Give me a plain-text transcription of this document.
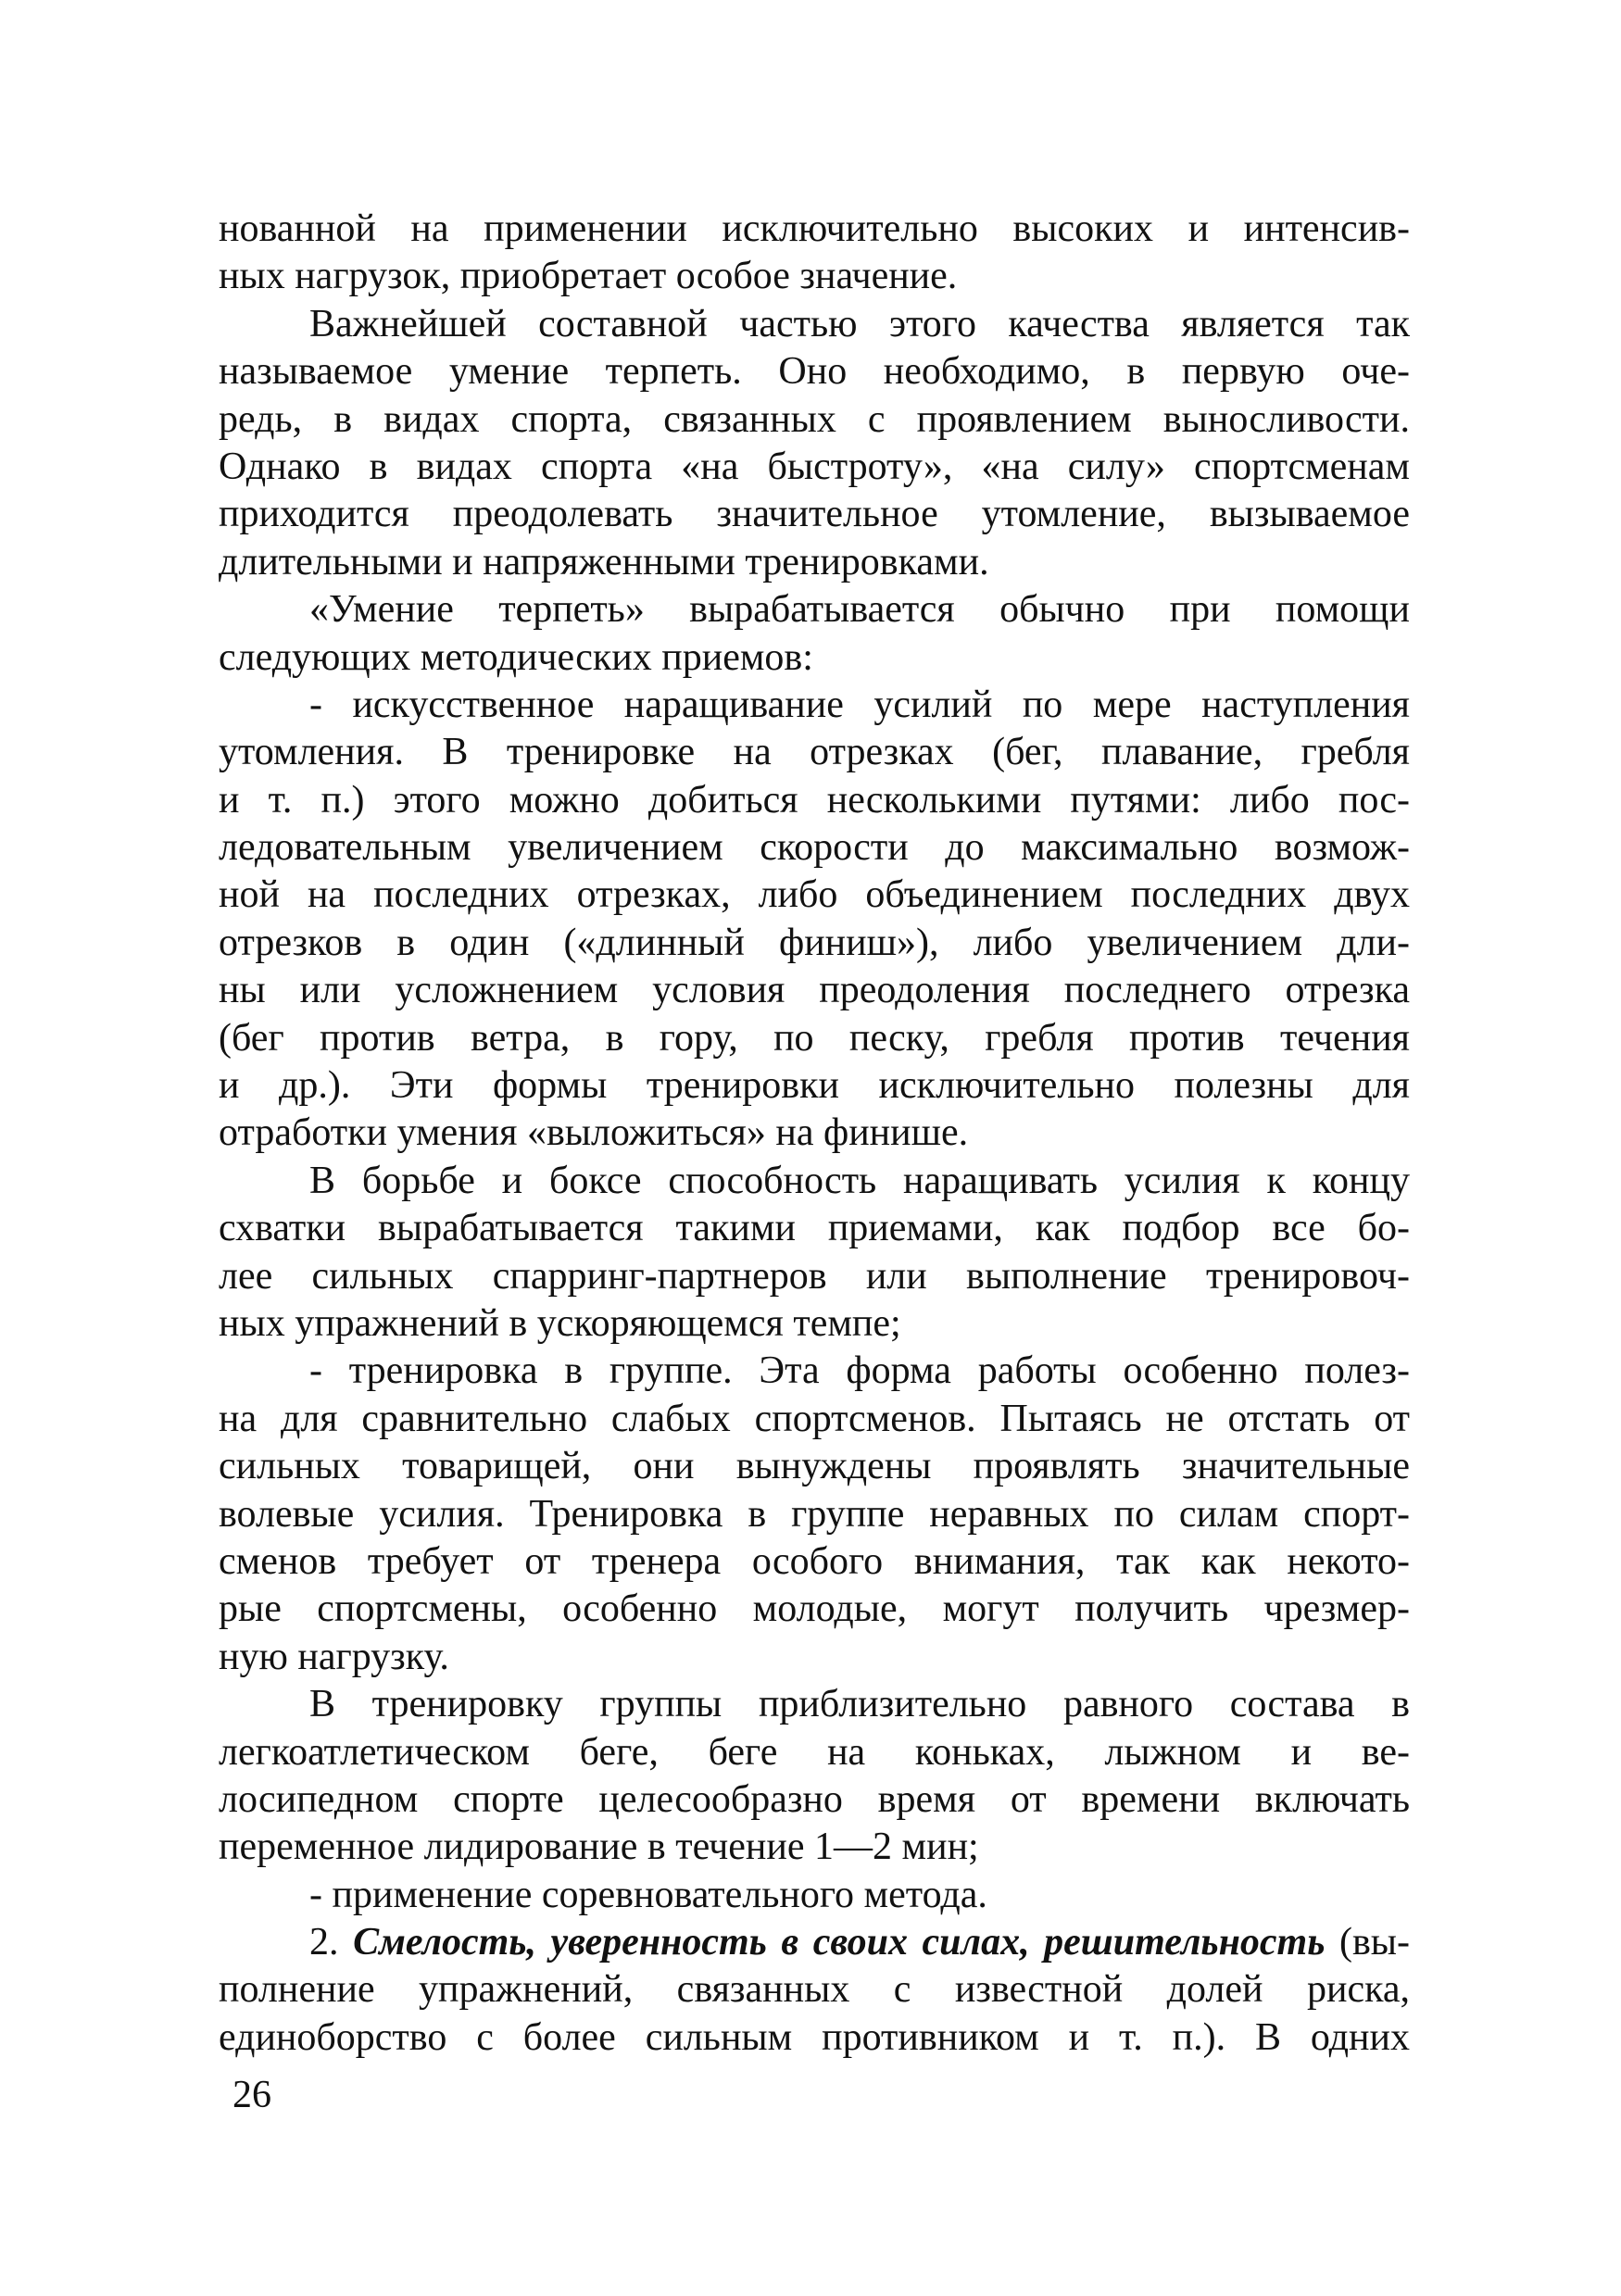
нованной на применении исключительно высоких и интенсив-
ных нагрузок, приобретает особое значение.
Важнейшей составной частью этого качества является так
называемое умение терпеть. Оно необходимо, в первую оче-
редь, в видах спорта, связанных с проявлением выносливости.
Однако в видах спорта «на быстроту», «на силу» спортсменам
приходится преодолевать значительное утомление, вызываемое
длительными и напряженными тренировками.
«Умение терпеть» вырабатывается обычно при помощи
следующих методических приемов:
- искусственное наращивание усилий по мере наступления
утомления. В тренировке на отрезках (бег, плавание, гребля
и т. п.) этого можно добиться несколькими путями: либо пос-
ледовательным увеличением скорости до максимально возмож-
ной на последних отрезках, либо объединением последних двух
отрезков в один («длинный финиш»), либо увеличением дли-
ны или усложнением условия преодоления последнего отрезка
(бег против ветра, в гору, по песку, гребля против течения
и др.). Эти формы тренировки исключительно полезны для
отработки умения «выложиться» на финише.
В борьбе и боксе способность наращивать усилия к концу
схватки вырабатывается такими приемами, как подбор все бо-
лее сильных спарринг-партнеров или выполнение тренировоч-
ных упражнений в ускоряющемся темпе;
- тренировка в группе. Эта форма работы особенно полез-
на для сравнительно слабых спортсменов. Пытаясь не отстать от
сильных товарищей, они вынуждены проявлять значительные
волевые усилия. Тренировка в группе неравных по силам спорт-
сменов требует от тренера особого внимания, так как некото-
рые спортсмены, особенно молодые, могут получить чрезмер-
ную нагрузку.
В тренировку группы приблизительно равного состава в
легкоатлетическом беге, беге на коньках, лыжном и ве-
лосипедном спорте целесообразно время от времени включать
переменное лидирование в течение 1—2 мин;
- применение соревновательного метода.
2. Смелость, уверенность в своих силах, решительность (вы-
полнение упражнений, связанных с известной долей риска,
единоборство с более сильным противником и т. п.). В одних
26
